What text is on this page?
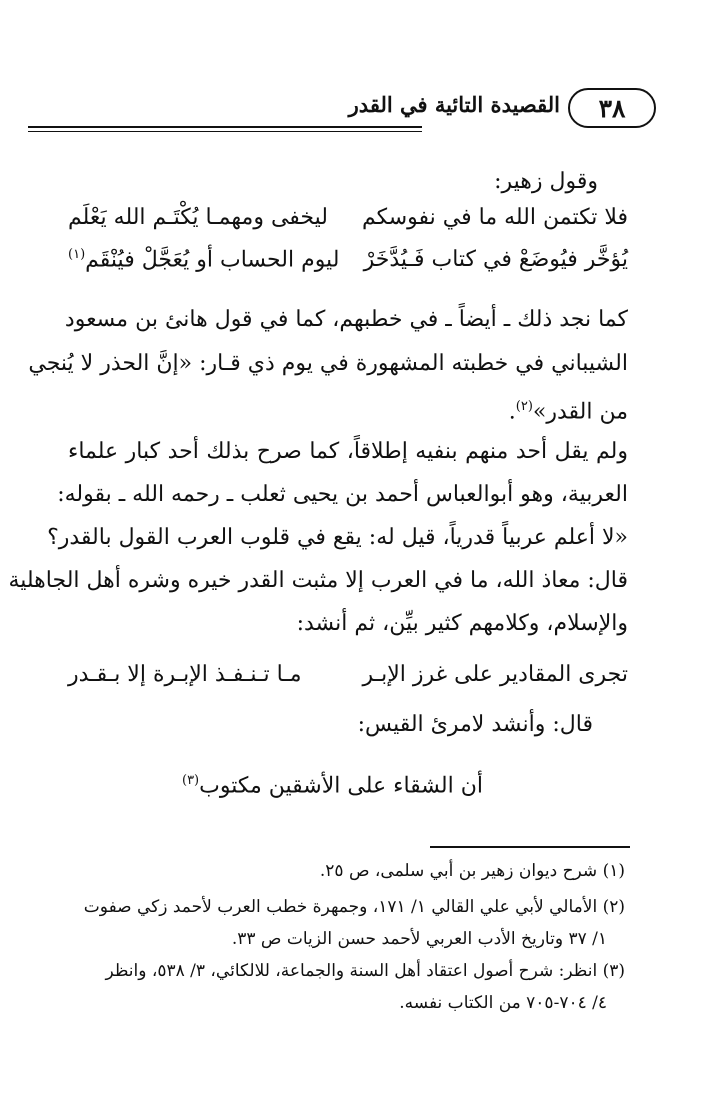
٣٨
القصيدة التائية في القدر
وقول زهير:
فلا تكتمن الله ما في نفوسكم
ليخفى ومهمـا يُكْتَـم الله يَعْلَم
يُؤخَّر فيُوضَعْ في كتاب فَـيُدَّخَرْ
ليوم الحساب أو يُعَجَّلْ فيُنْقَم$^{(١)}$
كما نجد ذلك ـ أيضاً ـ في خطبهم، كما في قول هانئ بن مسعود
الشيباني في خطبته المشهورة في يوم ذي قـار: «إنَّ الحذر لا يُنجي
من القدر»$^{(٢)}$.
ولم يقل أحد منهم بنفيه إطلاقاً، كما صرح بذلك أحد كبار علماء
العربية، وهو أبوالعباس أحمد بن يحيى ثعلب ـ رحمه الله ـ بقوله:
«لا أعلم عربياً قدرياً، قيل له: يقع في قلوب العرب القول بالقدر؟
قال: معاذ الله، ما في العرب إلا مثبت القدر خيره وشره أهل الجاهلية
والإسلام، وكلامهم كثير بيِّن، ثم أنشد:
تجرى المقادير على غرز الإبـر
مـا تـنـفـذ الإبـرة إلا بـقـدر
قال: وأنشد لامرئ القيس:
أن الشقاء على الأشقين مكتوب$^{(٣)}$
(١) شرح ديوان زهير بن أبي سلمى، ص ٢٥.
(٢) الأمالي لأبي علي القالي ١/ ١٧١، وجمهرة خطب العرب لأحمد زكي صفوت
١/ ٣٧ وتاريخ الأدب العربي لأحمد حسن الزيات ص ٣٣.
(٣) انظر: شرح أصول اعتقاد أهل السنة والجماعة، للالكائي، ٣/ ٥٣٨، وانظر
٤/ ٧٠٤-٧٠٥ من الكتاب نفسه.
